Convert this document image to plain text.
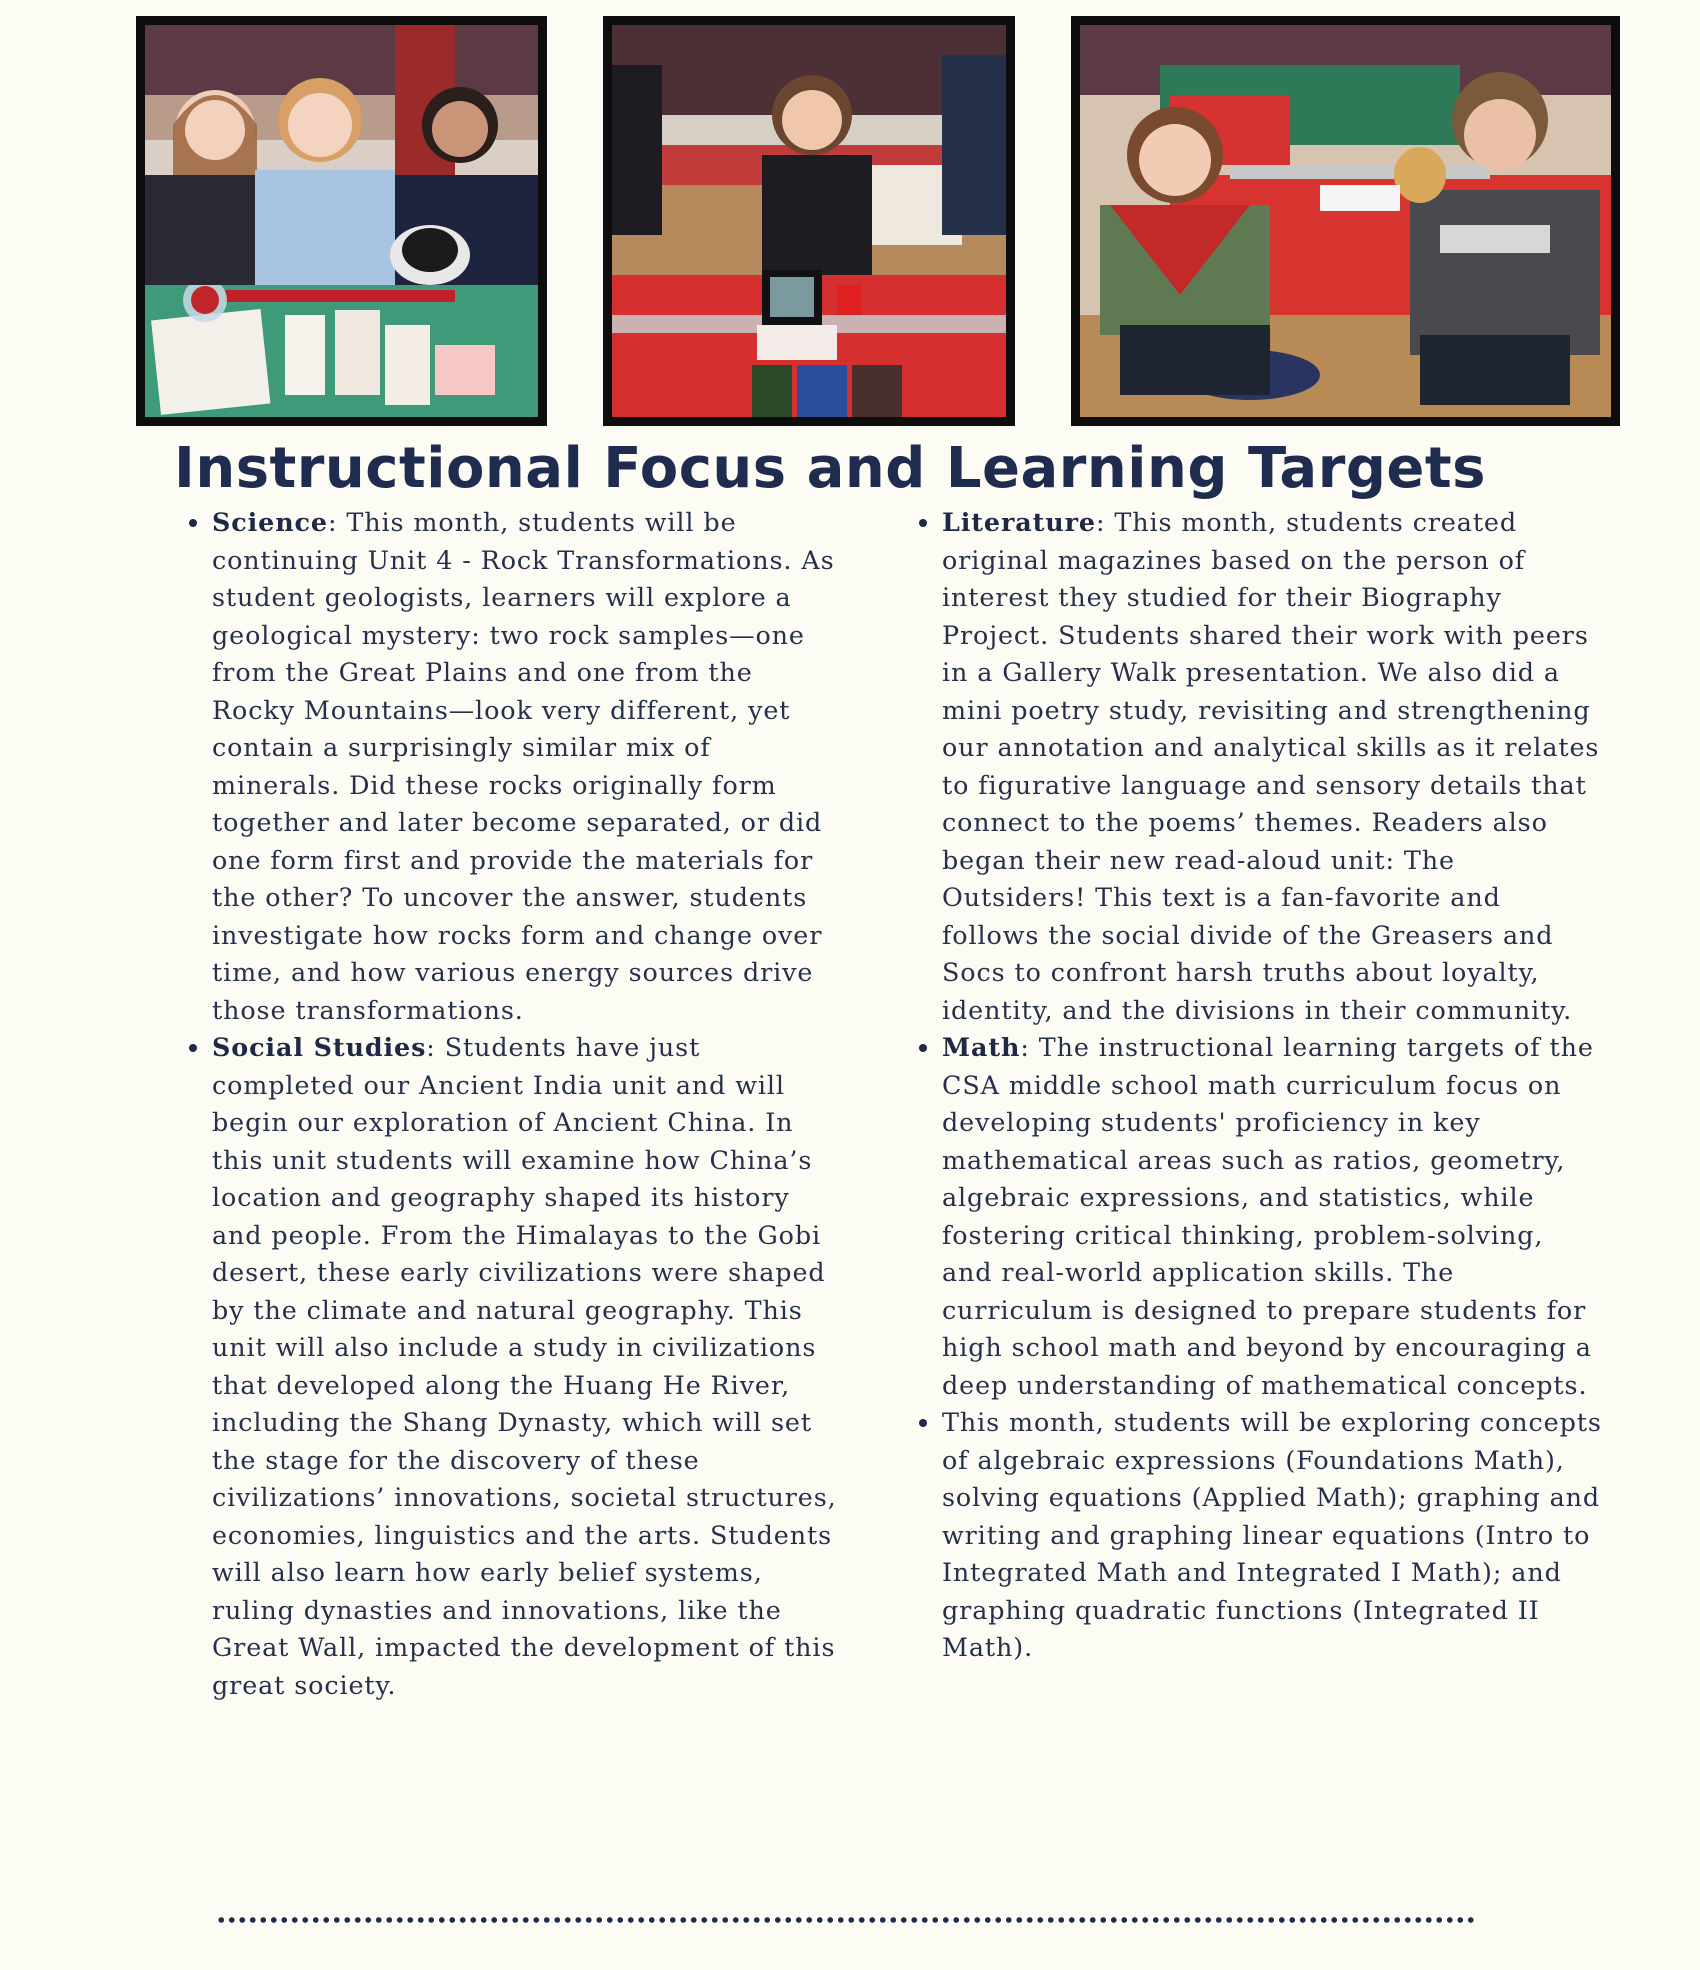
Instructional Focus and Learning Targets
• Science: This month, students will be continuing Unit 4 - Rock Transformations. As student geologists, learners will explore a geological mystery: two rock samples—one from the Great Plains and one from the Rocky Mountains—look very different, yet contain a surprisingly similar mix of minerals. Did these rocks originally form together and later become separated, or did one form first and provide the materials for the other? To uncover the answer, students investigate how rocks form and change over time, and how various energy sources drive those transformations.
• Social Studies: Students have just completed our Ancient India unit and will begin our exploration of Ancient China. In this unit students will examine how China’s location and geography shaped its history and people. From the Himalayas to the Gobi desert, these early civilizations were shaped by the climate and natural geography. This unit will also include a study in civilizations that developed along the Huang He River, including the Shang Dynasty, which will set the stage for the discovery of these civilizations’ innovations, societal structures, economies, linguistics and the arts. Students will also learn how early belief systems, ruling dynasties and innovations, like the Great Wall, impacted the development of this great society.
• Literature: This month, students created original magazines based on the person of interest they studied for their Biography Project. Students shared their work with peers in a Gallery Walk presentation. We also did a mini poetry study, revisiting and strengthening our annotation and analytical skills as it relates to figurative language and sensory details that connect to the poems’ themes. Readers also began their new read-aloud unit: The Outsiders! This text is a fan-favorite and follows the social divide of the Greasers and Socs to confront harsh truths about loyalty, identity, and the divisions in their community.
• Math: The instructional learning targets of the CSA middle school math curriculum focus on developing students' proficiency in key mathematical areas such as ratios, geometry, algebraic expressions, and statistics, while fostering critical thinking, problem-solving, and real-world application skills. The curriculum is designed to prepare students for high school math and beyond by encouraging a deep understanding of mathematical concepts.
• This month, students will be exploring concepts of algebraic expressions (Foundations Math), solving equations (Applied Math); graphing and writing and graphing linear equations (Intro to Integrated Math and Integrated I Math); and graphing quadratic functions (Integrated II Math).
